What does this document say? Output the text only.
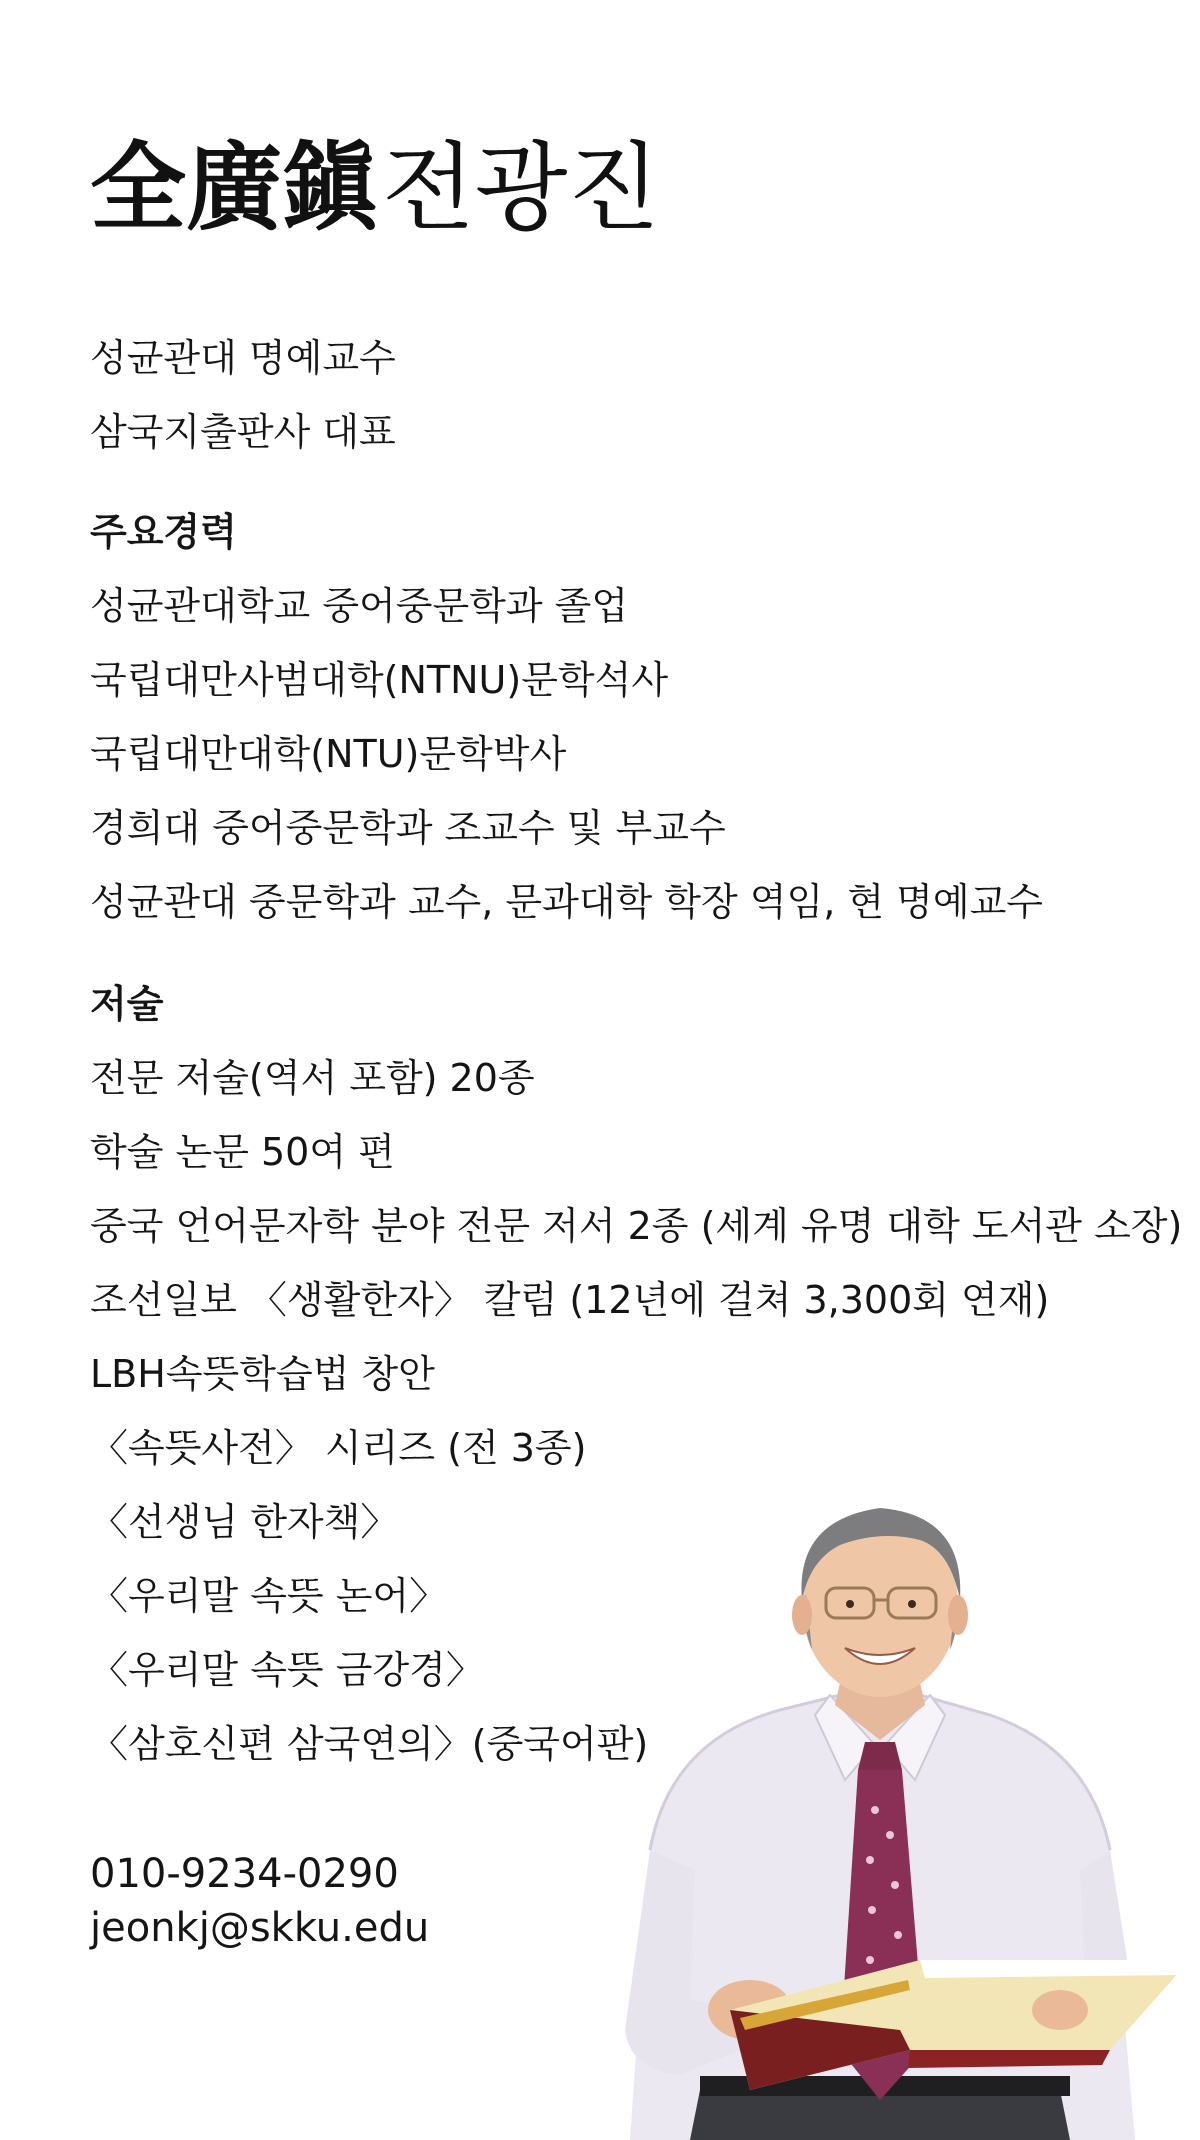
全廣鎭전광진
성균관대 명예교수
삼국지출판사 대표
주요경력
성균관대학교 중어중문학과 졸업
국립대만사범대학(NTNU)문학석사
국립대만대학(NTU)문학박사
경희대 중어중문학과 조교수 및 부교수
성균관대 중문학과 교수, 문과대학 학장 역임, 현 명예교수
저술
전문 저술(역서 포함) 20종
학술 논문 50여 편
중국 언어문자학 분야 전문 저서 2종 (세계 유명 대학 도서관 소장)
조선일보 〈생활한자〉 칼럼 (12년에 걸쳐 3,300회 연재)
LBH속뜻학습법 창안
〈속뜻사전〉 시리즈 (전 3종)
〈선생님 한자책〉
〈우리말 속뜻 논어〉
〈우리말 속뜻 금강경〉
〈삼호신편 삼국연의〉(중국어판)
010-9234-0290
jeonkj@skku.edu
